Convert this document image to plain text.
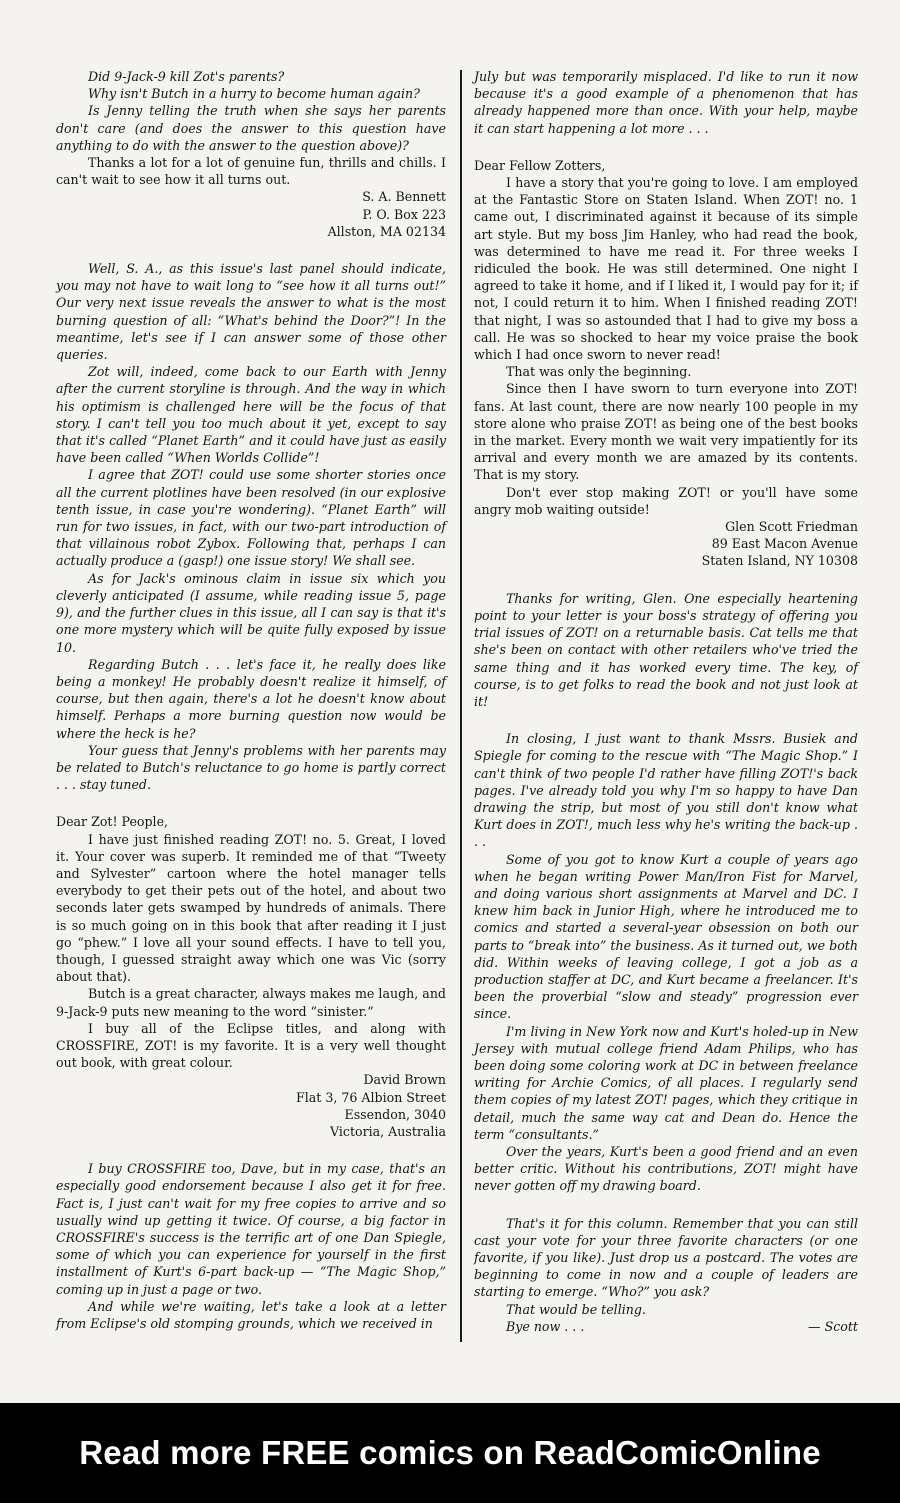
Did 9-Jack-9 kill Zot's parents?

Why isn't Butch in a hurry to become human again?

Is Jenny telling the truth when she says her parents don't care (and does the answer to this question have anything to do with the answer to the question above)?

Thanks a lot for a lot of genuine fun, thrills and chills. I can't wait to see how it all turns out.

S. A. Bennett

P. O. Box 223

Allston, MA 02134

Well, S. A., as this issue's last panel should indicate, you may not have to wait long to “see how it all turns out!” Our very next issue reveals the answer to what is the most burning question of all: “What's behind the Door?”! In the meantime, let's see if I can answer some of those other queries.

Zot will, indeed, come back to our Earth with Jenny after the current storyline is through. And the way in which his optimism is challenged here will be the focus of that story. I can't tell you too much about it yet, except to say that it's called “Planet Earth” and it could have just as easily have been called “When Worlds Collide”!

I agree that ZOT! could use some shorter stories once all the current plotlines have been resolved (in our explosive tenth issue, in case you're wondering). “Planet Earth” will run for two issues, in fact, with our two-part introduction of that villainous robot Zybox. Following that, perhaps I can actually produce a (gasp!) one issue story! We shall see.

As for Jack's ominous claim in issue six which you cleverly anticipated (I assume, while reading issue 5, page 9), and the further clues in this issue, all I can say is that it's one more mystery which will be quite fully exposed by issue 10.

Regarding Butch . . . let's face it, he really does like being a monkey! He probably doesn't realize it himself, of course, but then again, there's a lot he doesn't know about himself. Perhaps a more burning question now would be where the heck is he?

Your guess that Jenny's problems with her parents may be related to Butch's reluctance to go home is partly correct . . . stay tuned.

Dear Zot! People,

I have just finished reading ZOT! no. 5. Great, I loved it. Your cover was superb. It reminded me of that “Tweety and Sylvester” cartoon where the hotel manager tells everybody to get their pets out of the hotel, and about two seconds later gets swamped by hundreds of animals. There is so much going on in this book that after reading it I just go “phew.” I love all your sound effects. I have to tell you, though, I guessed straight away which one was Vic (sorry about that).

Butch is a great character, always makes me laugh, and 9-Jack-9 puts new meaning to the word “sinister.”

I buy all of the Eclipse titles, and along with CROSSFIRE, ZOT! is my favorite. It is a very well thought out book, with great colour.

David Brown

Flat 3, 76 Albion Street

Essendon, 3040

Victoria, Australia

I buy CROSSFIRE too, Dave, but in my case, that's an especially good endorsement because I also get it for free. Fact is, I just can't wait for my free copies to arrive and so usually wind up getting it twice. Of course, a big factor in CROSSFIRE's success is the terrific art of one Dan Spiegle, some of which you can experience for yourself in the first installment of Kurt's 6-part back-up — “The Magic Shop,” coming up in just a page or two.

And while we're waiting, let's take a look at a letter from Eclipse's old stomping grounds, which we received in

July but was temporarily misplaced. I'd like to run it now because it's a good example of a phenomenon that has already happened more than once. With your help, maybe it can start happening a lot more . . .

Dear Fellow Zotters,

I have a story that you're going to love. I am employed at the Fantastic Store on Staten Island. When ZOT! no. 1 came out, I discriminated against it because of its simple art style. But my boss Jim Hanley, who had read the book, was determined to have me read it. For three weeks I ridiculed the book. He was still determined. One night I agreed to take it home, and if I liked it, I would pay for it; if not, I could return it to him. When I finished reading ZOT! that night, I was so astounded that I had to give my boss a call. He was so shocked to hear my voice praise the book which I had once sworn to never read!

That was only the beginning.

Since then I have sworn to turn everyone into ZOT! fans. At last count, there are now nearly 100 people in my store alone who praise ZOT! as being one of the best books in the market. Every month we wait very impatiently for its arrival and every month we are amazed by its contents. That is my story.

Don't ever stop making ZOT! or you'll have some angry mob waiting outside!

Glen Scott Friedman

89 East Macon Avenue

Staten Island, NY 10308

Thanks for writing, Glen. One especially heartening point to your letter is your boss's strategy of offering you trial issues of ZOT! on a returnable basis. Cat tells me that she's been on contact with other retailers who've tried the same thing and it has worked every time. The key, of course, is to get folks to read the book and not just look at it!

In closing, I just want to thank Mssrs. Busiek and Spiegle for coming to the rescue with “The Magic Shop.” I can't think of two people I'd rather have filling ZOT!'s back pages. I've already told you why I'm so happy to have Dan drawing the strip, but most of you still don't know what Kurt does in ZOT!, much less why he's writing the back-up . . .

Some of you got to know Kurt a couple of years ago when he began writing Power Man/Iron Fist for Marvel, and doing various short assignments at Marvel and DC. I knew him back in Junior High, where he introduced me to comics and started a several-year obsession on both our parts to “break into” the business. As it turned out, we both did. Within weeks of leaving college, I got a job as a production staffer at DC, and Kurt became a freelancer. It's been the proverbial “slow and steady” progression ever since.

I'm living in New York now and Kurt's holed-up in New Jersey with mutual college friend Adam Philips, who has been doing some coloring work at DC in between freelance writing for Archie Comics, of all places. I regularly send them copies of my latest ZOT! pages, which they critique in detail, much the same way cat and Dean do. Hence the term “consultants.”

Over the years, Kurt's been a good friend and an even better critic. Without his contributions, ZOT! might have never gotten off my drawing board.

That's it for this column. Remember that you can still cast your vote for your three favorite characters (or one favorite, if you like). Just drop us a postcard. The votes are beginning to come in now and a couple of leaders are starting to emerge. “Who?” you ask?

That would be telling.

Bye now . . .	— Scott
Read more FREE comics on ReadComicOnline
